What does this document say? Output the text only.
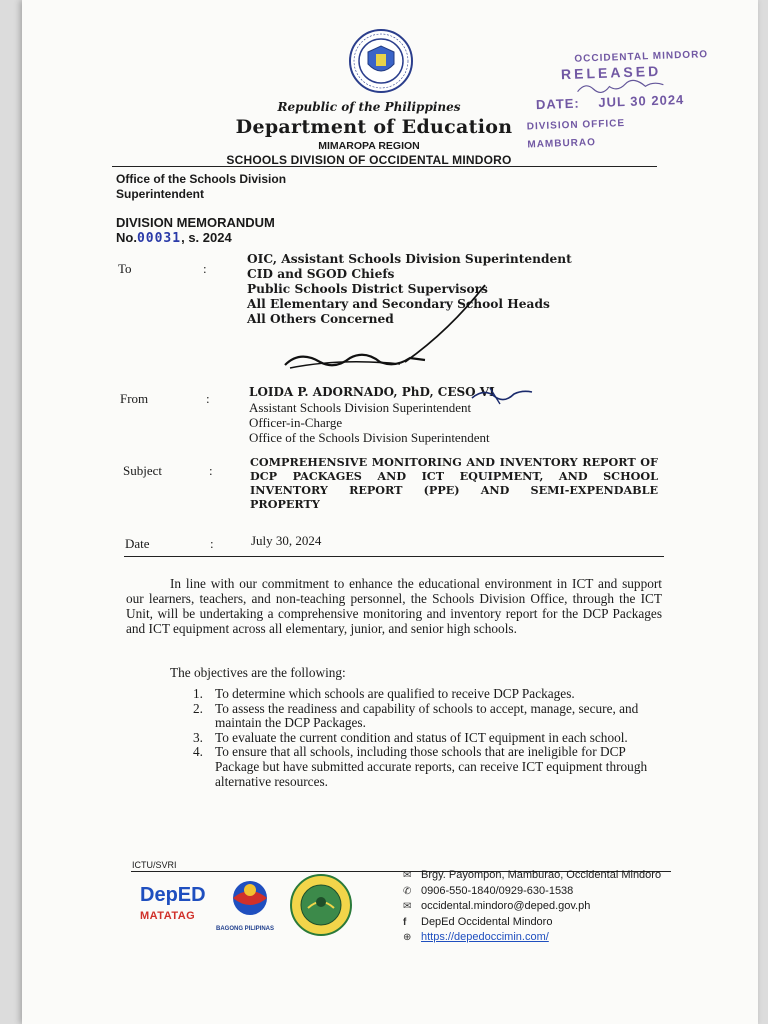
Republic of the Philippines
Department of Education
MIMAROPA REGION
SCHOOLS DIVISION OF OCCIDENTAL MINDORO
OCCIDENTAL MINDORO
RELEASED
DATE: JUL 30 2024
DIVISION OFFICE
MAMBURAO
Office of the Schools Division Superintendent
DIVISION MEMORANDUM
No.00031, s. 2024
To	:
OIC, Assistant Schools Division Superintendent
CID and SGOD Chiefs
Public Schools District Supervisors
All Elementary and Secondary School Heads
All Others Concerned
From	:	LOIDA P. ADORNADO, PhD, CESO VI
Assistant Schools Division Superintendent
Officer-in-Charge
Office of the Schools Division Superintendent
Subject	:
COMPREHENSIVE MONITORING AND INVENTORY REPORT OF DCP PACKAGES AND ICT EQUIPMENT, AND SCHOOL INVENTORY REPORT (PPE) AND SEMI-EXPENDABLE PROPERTY
Date	:	July 30, 2024
In line with our commitment to enhance the educational environment in ICT and support our learners, teachers, and non-teaching personnel, the Schools Division Office, through the ICT Unit, will be undertaking a comprehensive monitoring and inventory report for the DCP Packages and ICT equipment across all elementary, junior, and senior high schools.
The objectives are the following:
1. To determine which schools are qualified to receive DCP Packages.
2. To assess the readiness and capability of schools to accept, manage, secure, and maintain the DCP Packages.
3. To evaluate the current condition and status of ICT equipment in each school.
4. To ensure that all schools, including those schools that are ineligible for DCP Package but have submitted accurate reports, can receive ICT equipment through alternative resources.
ICTU/SVRI
DepED
MATATAG
BAGONG PILIPINAS
✉ Brgy. Payompon, Mamburao, Occidental Mindoro
✆ 0906-550-1840/0929-630-1538
✉ occidental.mindoro@deped.gov.ph
f	DepEd Occidental Mindoro
⊕ https://depedoccimin.com/
